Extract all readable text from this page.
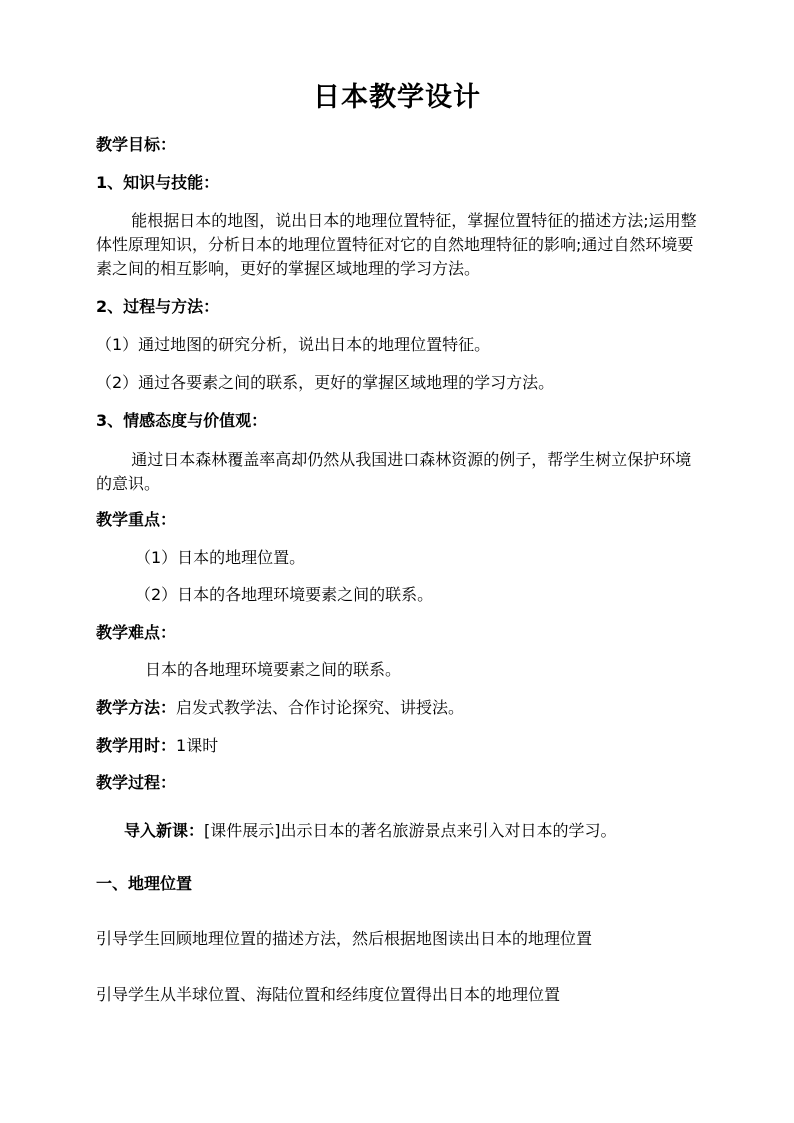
日本教学设计
教学目标：
1、知识与技能：
能根据日本的地图，说出日本的地理位置特征，掌握位置特征的描述方法;运用整体性原理知识，分析日本的地理位置特征对它的自然地理特征的影响;通过自然环境要素之间的相互影响，更好的掌握区域地理的学习方法。
2、过程与方法：
（1）通过地图的研究分析，说出日本的地理位置特征。
（2）通过各要素之间的联系，更好的掌握区域地理的学习方法。
3、情感态度与价值观：
通过日本森林覆盖率高却仍然从我国进口森林资源的例子，帮学生树立保护环境的意识。
教学重点：
（1）日本的地理位置。
（2）日本的各地理环境要素之间的联系。
教学难点：
日本的各地理环境要素之间的联系。
教学方法：启发式教学法、合作讨论探究、讲授法。
教学用时：1课时
教学过程：
导入新课：[课件展示]出示日本的著名旅游景点来引入对日本的学习。
一、地理位置
引导学生回顾地理位置的描述方法，然后根据地图读出日本的地理位置
引导学生从半球位置、海陆位置和经纬度位置得出日本的地理位置
